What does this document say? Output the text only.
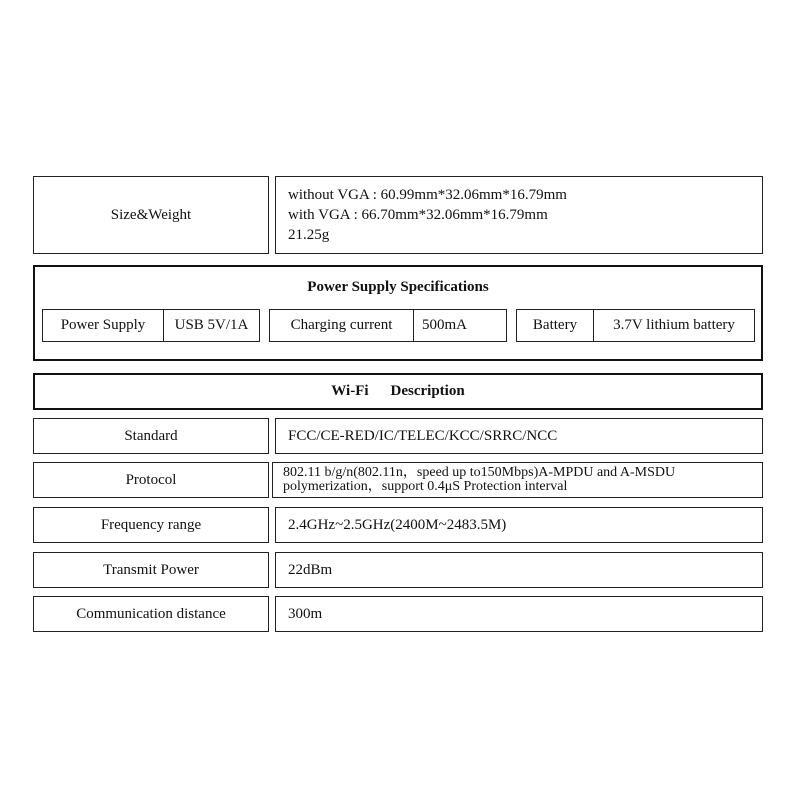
Size&Weight
without VGA : 60.99mm*32.06mm*16.79mm
with VGA : 66.70mm*32.06mm*16.79mm
21.25g
Power Supply Specifications
Power Supply USB 5V/1A	Charging current 500mA	Battery 3.7V lithium battery
Wi-Fi Description
Standard	FCC/CE-RED/IC/TELEC/KCC/SRRC/NCC
Protocol	802.11 b/g/n(802.11n，speed up to150Mbps)A-MPDU and A-MSDU polymerization，support 0.4μS Protection interval
Frequency range	2.4GHz~2.5GHz(2400M~2483.5M)
Transmit Power	22dBm
Communication distance	300m
